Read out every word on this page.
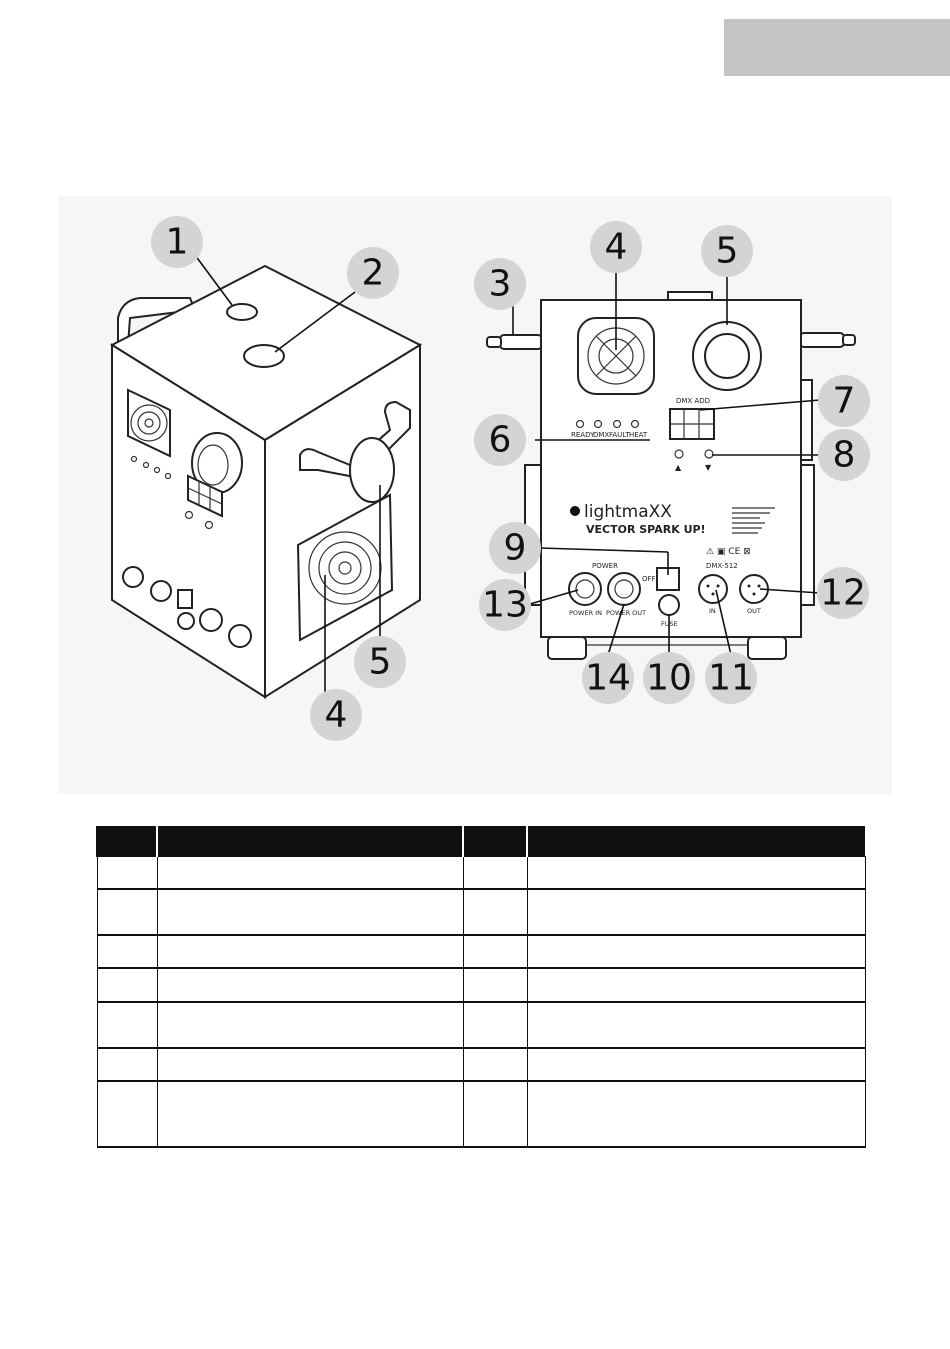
READY
DMX FAULT HEAT
DMX ADD
▲	▼
lightmaXX
VECTOR SPARK UP!
⚠ ▣ CE ⊠
POWER
OFF
POWER IN POWER OUT
FUSE
DMX-512
IN	OUT
1
2
4
5
3
4 5
6
7
8
9
10 11
12
13
14
